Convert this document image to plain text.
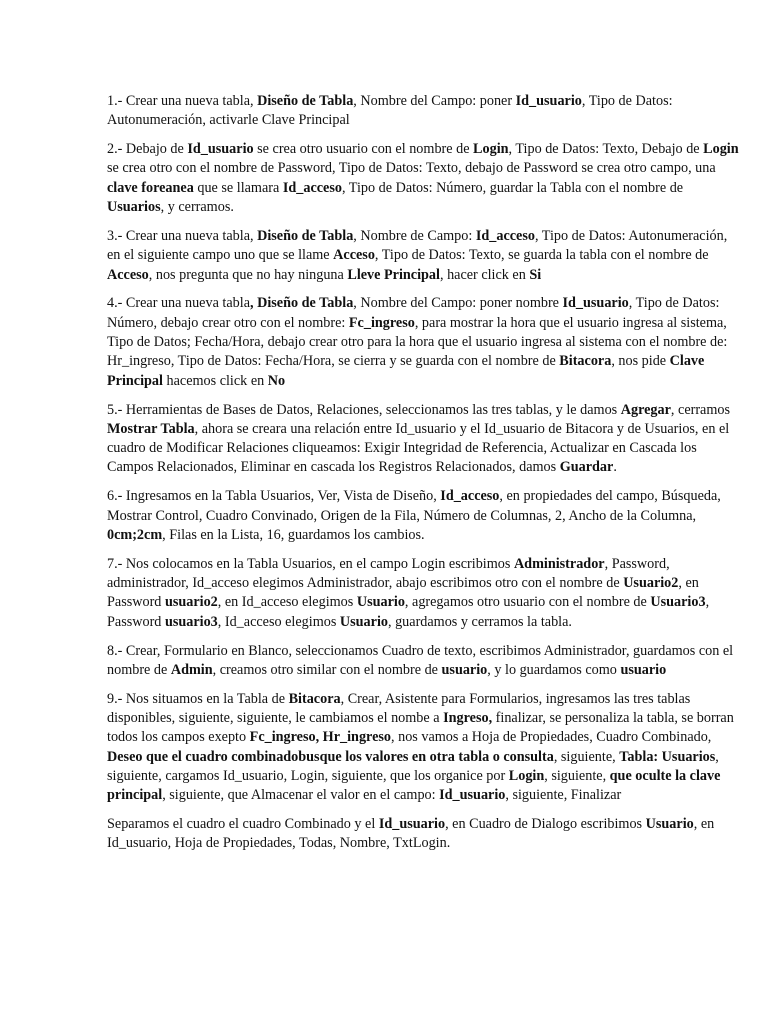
1.- Crear una nueva tabla, Diseño de Tabla, Nombre del Campo: poner Id_usuario, Tipo de Datos: Autonumeración, activarle Clave Principal

2.- Debajo de Id_usuario se crea otro usuario con el nombre de Login, Tipo de Datos: Texto, Debajo de Login se crea otro con el nombre de Password, Tipo de Datos: Texto, debajo de Password se crea otro campo, una clave foreanea que se llamara Id_acceso, Tipo de Datos: Número, guardar la Tabla con el nombre de Usuarios, y cerramos.

3.- Crear una nueva tabla, Diseño de Tabla, Nombre de Campo: Id_acceso, Tipo de Datos: Autonumeración, en el siguiente campo uno que se llame Acceso, Tipo de Datos: Texto, se guarda la tabla con el nombre de Acceso, nos pregunta que no hay ninguna Lleve Principal, hacer click en Si

4.- Crear una nueva tabla, Diseño de Tabla, Nombre del Campo: poner nombre Id_usuario, Tipo de Datos: Número, debajo crear otro con el nombre: Fc_ingreso, para mostrar la hora que el usuario ingresa al sistema, Tipo de Datos; Fecha/Hora, debajo crear otro para la hora que el usuario ingresa al sistema con el nombre de: Hr_ingreso, Tipo de Datos: Fecha/Hora, se cierra y se guarda con el nombre de Bitacora, nos pide Clave Principal hacemos click en No

5.- Herramientas de Bases de Datos, Relaciones, seleccionamos las tres tablas, y le damos Agregar, cerramos Mostrar Tabla, ahora se creara una relación entre Id_usuario y el Id_usuario de Bitacora y de Usuarios, en el cuadro de Modificar Relaciones cliqueamos: Exigir Integridad de Referencia, Actualizar en Cascada los Campos Relacionados, Eliminar en cascada los Registros Relacionados, damos Guardar.

6.- Ingresamos en la Tabla Usuarios, Ver, Vista de Diseño, Id_acceso, en propiedades del campo, Búsqueda, Mostrar Control, Cuadro Convinado, Origen de la Fila, Número de Columnas, 2, Ancho de la Columna, 0cm;2cm, Filas en la Lista, 16, guardamos los cambios.

7.- Nos colocamos en la Tabla Usuarios, en el campo Login escribimos Administrador, Password, administrador, Id_acceso elegimos Administrador, abajo escribimos otro con el nombre de Usuario2, en Password usuario2, en Id_acceso elegimos Usuario, agregamos otro usuario con el nombre de Usuario3, Password usuario3, Id_acceso elegimos Usuario, guardamos y cerramos la tabla.

8.- Crear, Formulario en Blanco, seleccionamos Cuadro de texto, escribimos Administrador, guardamos con el nombre de Admin, creamos otro similar con el nombre de usuario, y lo guardamos como usuario

9.- Nos situamos en la Tabla de Bitacora, Crear, Asistente para Formularios, ingresamos las tres tablas disponibles, siguiente, siguiente, le cambiamos el nombe a Ingreso, finalizar, se personaliza la tabla, se borran todos los campos exepto Fc_ingreso, Hr_ingreso, nos vamos a Hoja de Propiedades, Cuadro Combinado, Deseo que el cuadro combinadobusque los valores en otra tabla o consulta, siguiente, Tabla: Usuarios, siguiente, cargamos Id_usuario, Login, siguiente, que los organice por Login, siguiente, que oculte la clave principal, siguiente, que Almacenar el valor en el campo: Id_usuario, siguiente, Finalizar

Separamos el cuadro el cuadro Combinado y el Id_usuario, en Cuadro de Dialogo escribimos Usuario, en Id_usuario, Hoja de Propiedades, Todas, Nombre, TxtLogin.
